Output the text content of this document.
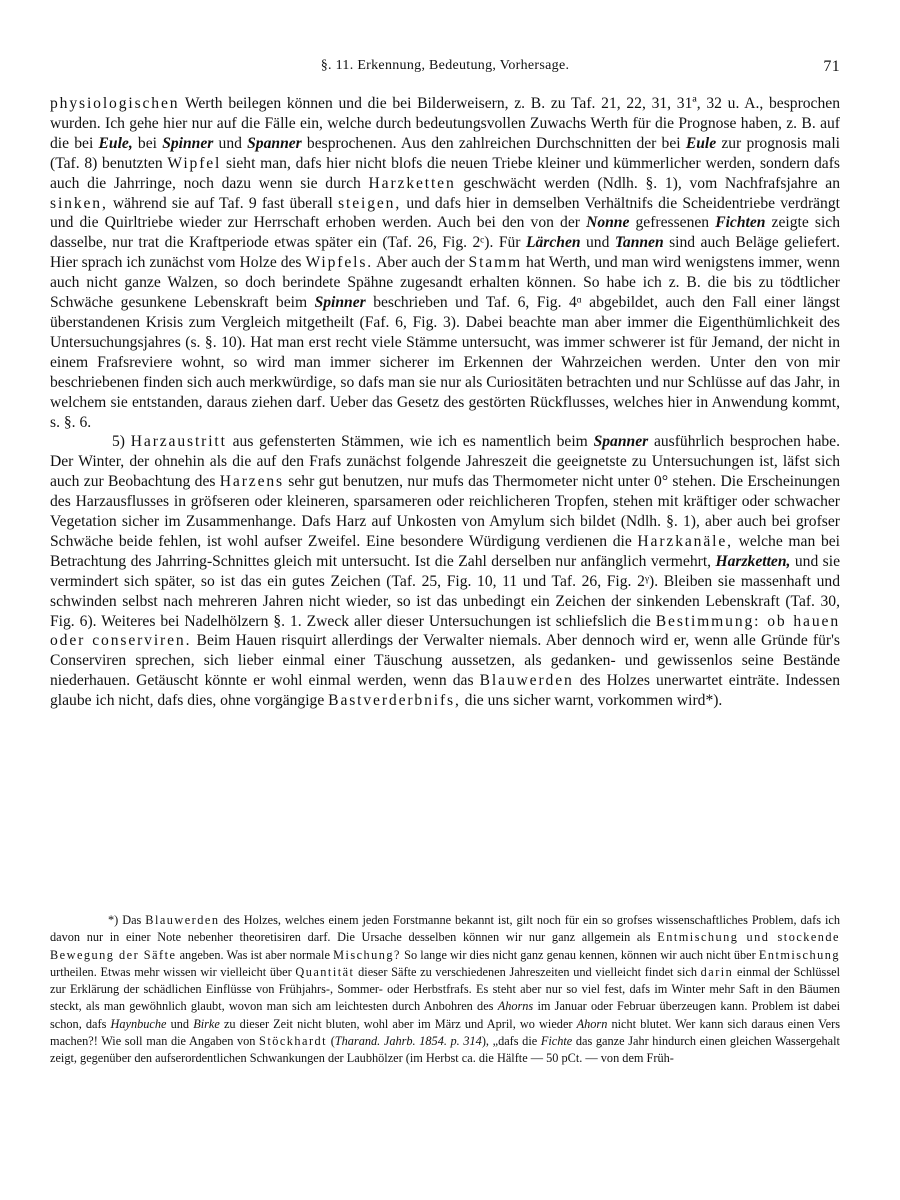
§. 11. Erkennung, Bedeutung, Vorhersage.	71

physiologischen Werth beilegen können und die bei Bilderweisern, z. B. zu Taf. 21, 22, 31, 31ª, 32 u. A., besprochen wurden. Ich gehe hier nur auf die Fälle ein, welche durch bedeutungsvollen Zuwachs Werth für die Prognose haben, z. B. auf die bei Eule, bei Spinner und Spanner besprochenen. Aus den zahlreichen Durchschnitten der bei Eule zur prognosis mali (Taf. 8) benutzten Wipfel sieht man, dafs hier nicht blofs die neuen Triebe kleiner und kümmerlicher werden, sondern dafs auch die Jahrringe, noch dazu wenn sie durch Harzketten geschwächt werden (Ndlh. §. 1), vom Nachfrafsjahre an sinken, während sie auf Taf. 9 fast überall steigen, und dafs hier in demselben Verhältnifs die Scheidentriebe verdrängt und die Quirltriebe wieder zur Herrschaft erhoben werden. Auch bei den von der Nonne gefressenen Fichten zeigte sich dasselbe, nur trat die Kraftperiode etwas später ein (Taf. 26, Fig. 2ᶜ). Für Lärchen und Tannen sind auch Beläge geliefert. Hier sprach ich zunächst vom Holze des Wipfels. Aber auch der Stamm hat Werth, und man wird wenigstens immer, wenn auch nicht ganze Walzen, so doch berindete Spähne zugesandt erhalten können. So habe ich z. B. die bis zu tödtlicher Schwäche gesunkene Lebenskraft beim Spinner beschrieben und Taf. 6, Fig. 4ᵅ abgebildet, auch den Fall einer längst überstandenen Krisis zum Vergleich mitgetheilt (Faf. 6, Fig. 3). Dabei beachte man aber immer die Eigenthümlichkeit des Untersuchungsjahres (s. §. 10). Hat man erst recht viele Stämme untersucht, was immer schwerer ist für Jemand, der nicht in einem Frafsreviere wohnt, so wird man immer sicherer im Erkennen der Wahrzeichen werden. Unter den von mir beschriebenen finden sich auch merkwürdige, so dafs man sie nur als Curiositäten betrachten und nur Schlüsse auf das Jahr, in welchem sie entstanden, daraus ziehen darf. Ueber das Gesetz des gestörten Rückflusses, welches hier in Anwendung kommt, s. §. 6.

5) Harzaustritt aus gefensterten Stämmen, wie ich es namentlich beim Spanner ausführlich besprochen habe. Der Winter, der ohnehin als die auf den Frafs zunächst folgende Jahreszeit die geeignetste zu Untersuchungen ist, läfst sich auch zur Beobachtung des Harzens sehr gut benutzen, nur mufs das Thermometer nicht unter 0° stehen. Die Erscheinungen des Harzausflusses in gröfseren oder kleineren, sparsameren oder reichlicheren Tropfen, stehen mit kräftiger oder schwacher Vegetation sicher im Zusammenhange. Dafs Harz auf Unkosten von Amylum sich bildet (Ndlh. §. 1), aber auch bei grofser Schwäche beide fehlen, ist wohl aufser Zweifel. Eine besondere Würdigung verdienen die Harzkanäle, welche man bei Betrachtung des Jahrring-Schnittes gleich mit untersucht. Ist die Zahl derselben nur anfänglich vermehrt, Harzketten, und sie vermindert sich später, so ist das ein gutes Zeichen (Taf. 25, Fig. 10, 11 und Taf. 26, Fig. 2ᵞ). Bleiben sie massenhaft und schwinden selbst nach mehreren Jahren nicht wieder, so ist das unbedingt ein Zeichen der sinkenden Lebenskraft (Taf. 30, Fig. 6). Weiteres bei Nadelhölzern §. 1. Zweck aller dieser Untersuchungen ist schliefslich die Bestimmung: ob hauen oder conserviren. Beim Hauen risquirt allerdings der Verwalter niemals. Aber dennoch wird er, wenn alle Gründe für's Conserviren sprechen, sich lieber einmal einer Täuschung aussetzen, als gedanken- und gewissenlos seine Bestände niederhauen. Getäuscht könnte er wohl einmal werden, wenn das Blauwerden des Holzes unerwartet einträte. Indessen glaube ich nicht, dafs dies, ohne vorgängige Bastverderbnifs, die uns sicher warnt, vorkommen wird*).

*) Das Blauwerden des Holzes, welches einem jeden Forstmanne bekannt ist, gilt noch für ein so grofses wissenschaftliches Problem, dafs ich davon nur in einer Note nebenher theoretisiren darf. Die Ursache desselben können wir nur ganz allgemein als Entmischung und stockende Bewegung der Säfte angeben. Was ist aber normale Mischung? So lange wir dies nicht ganz genau kennen, können wir auch nicht über Entmischung urtheilen. Etwas mehr wissen wir vielleicht über Quantität dieser Säfte zu verschiedenen Jahreszeiten und vielleicht findet sich darin einmal der Schlüssel zur Erklärung der schädlichen Einflüsse von Frühjahrs-, Sommer- oder Herbstfrafs. Es steht aber nur so viel fest, dafs im Winter mehr Saft in den Bäumen steckt, als man gewöhnlich glaubt, wovon man sich am leichtesten durch Anbohren des Ahorns im Januar oder Februar überzeugen kann. Problem ist dabei schon, dafs Haynbuche und Birke zu dieser Zeit nicht bluten, wohl aber im März und April, wo wieder Ahorn nicht blutet. Wer kann sich daraus einen Vers machen?! Wie soll man die Angaben von Stöckhardt (Tharand. Jahrb. 1854. p. 314), „dafs die Fichte das ganze Jahr hindurch einen gleichen Wassergehalt zeigt, gegenüber den aufserordentlichen Schwankungen der Laubhölzer (im Herbst ca. die Hälfte — 50 pCt. — von dem Früh-
